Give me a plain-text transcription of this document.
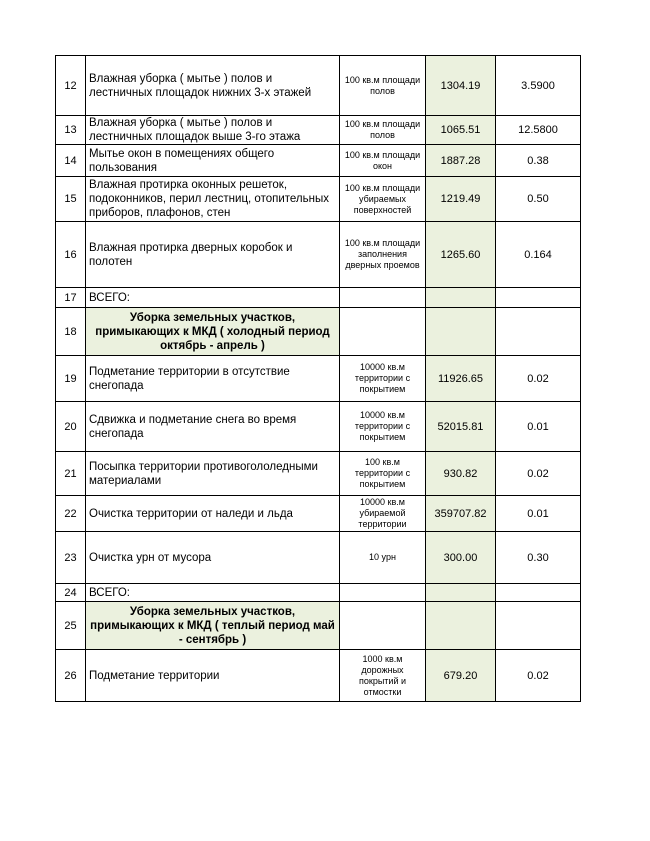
12	Влажная уборка ( мытье ) полов и лестничных площадок нижних 3-х этажей	100 кв.м площади полов	1304.19	3.5900
13	Влажная уборка ( мытье ) полов и лестничных площадок выше 3-го этажа	100 кв.м площади полов	1065.51	12.5800
14	Мытье окон в помещениях общего пользования	100 кв.м площади окон	1887.28	0.38
15	Влажная протирка оконных решеток, подоконников, перил лестниц, отопительных приборов, плафонов, стен	100 кв.м площади убираемых поверхностей	1219.49	0.50
16	Влажная протирка дверных коробок и полотен	100 кв.м площади заполнения дверных проемов	1265.60	0.164
17	ВСЕГО:			
18	Уборка земельных участков, примыкающих к МКД ( холодный период октябрь - апрель )			
19	Подметание территории в отсутствие снегопада	10000 кв.м территории с покрытием	11926.65	0.02
20	Сдвижка и подметание снега во время снегопада	10000 кв.м территории с покрытием	52015.81	0.01
21	Посыпка территории противогололедными материалами	100 кв.м территории с покрытием	930.82	0.02
22	Очистка территории от наледи и льда	10000 кв.м убираемой территории	359707.82	0.01
23	Очистка урн от мусора	10 урн	300.00	0.30
24	ВСЕГО:			
25	Уборка земельных участков, примыкающих к МКД ( теплый период май - сентябрь )			
26	Подметание территории	1000 кв.м дорожных покрытий и отмостки	679.20	0.02
